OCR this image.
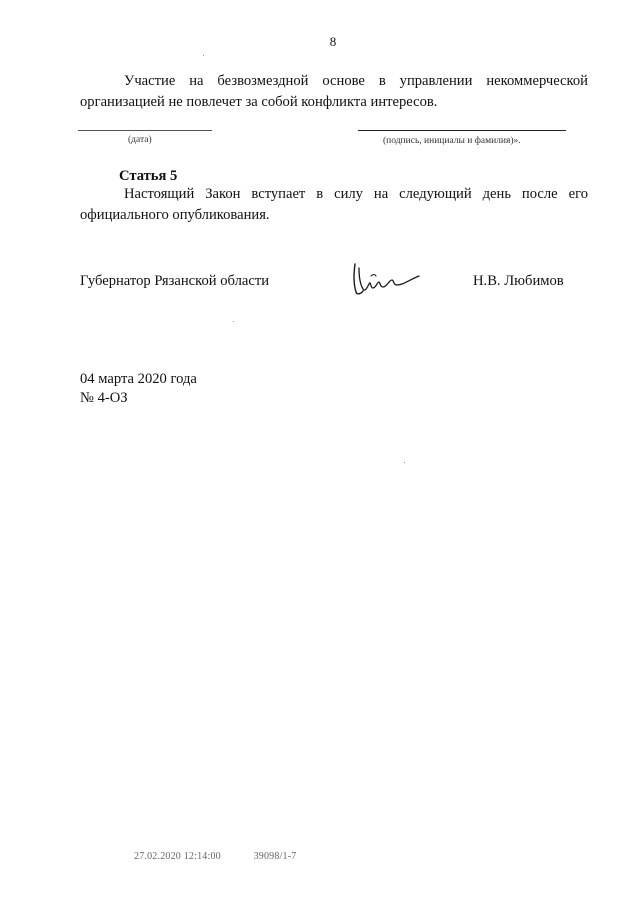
8
Участие на безвозмездной основе в управлении некоммерческой организацией не повлечет за собой конфликта интересов.
(дата)	(подпись, инициалы и фамилия)».
Статья 5
Настоящий Закон вступает в силу на следующий день после его официального опубликования.
Губернатор Рязанской области	Н.В. Любимов
04 марта 2020 года
№ 4-ОЗ
27.02.2020 12:14:00	39098/1-7
